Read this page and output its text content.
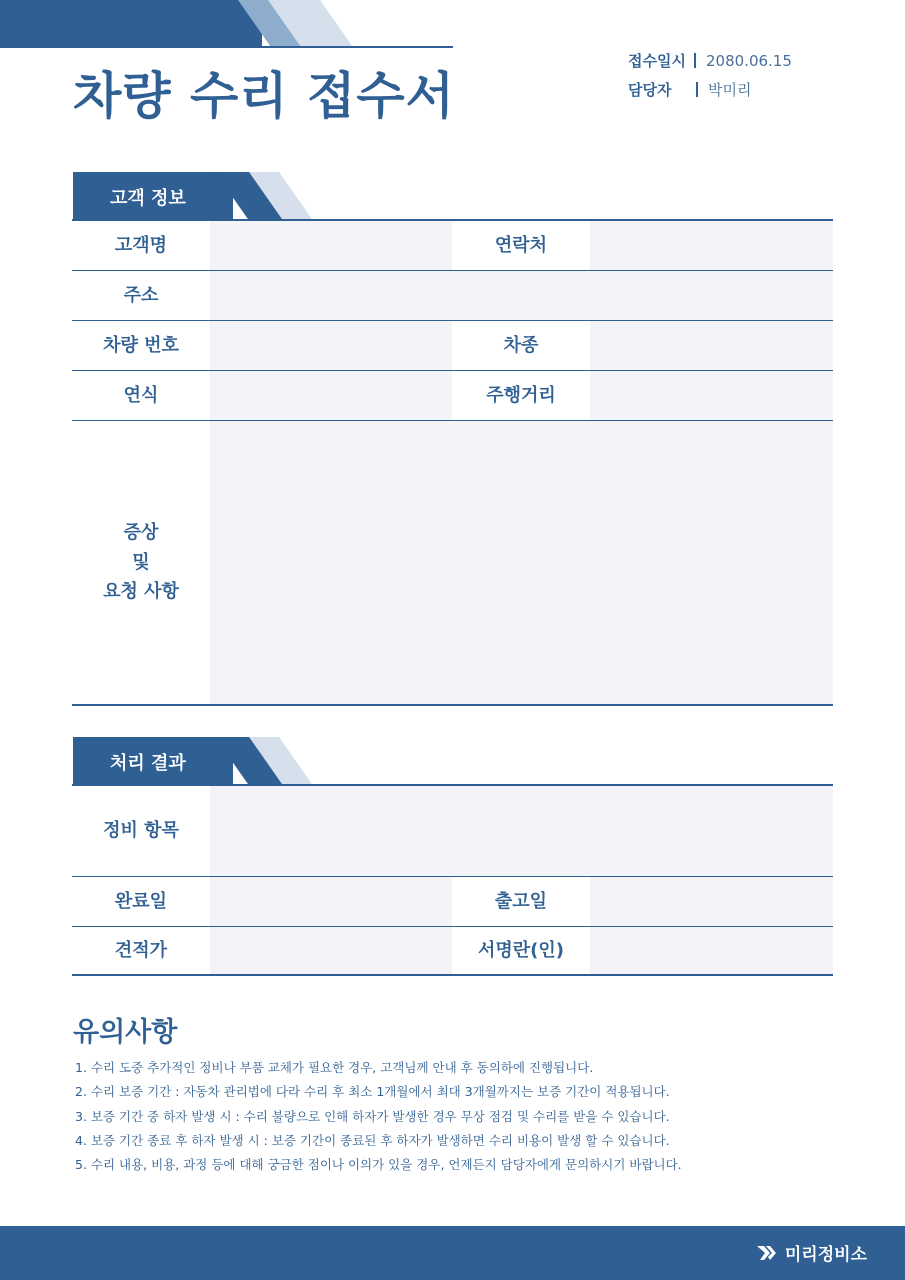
차량 수리 접수서
접수일시 2080.06.15
담당자	박미리
고객 정보
고객명	연락처
주소
차량 번호	차종
연식	주행거리
증상
및
요청 사항
처리 결과
정비 항목
완료일	출고일
견적가	서명란(인)
유의사항
1. 수리 도중 추가적인 정비나 부품 교체가 필요한 경우, 고객님께 안내 후 동의하에 진행됩니다.
2. 수리 보증 기간 : 자동차 관리법에 다라 수리 후 최소 1개월에서 최대 3개월까지는 보증 기간이 적용됩니다.
3. 보증 기간 중 하자 발생 시 : 수리 불량으로 인해 하자가 발생한 경우 무상 점검 및 수리를 받을 수 있습니다.
4. 보증 기간 종료 후 하자 발생 시 : 보증 기간이 종료된 후 하자가 발생하면 수리 비용이 발생 할 수 있습니다.
5. 수리 내용, 비용, 과정 등에 대해 궁금한 점이나 이의가 있을 경우, 언제든지 담당자에게 문의하시기 바랍니다.
미리정비소
